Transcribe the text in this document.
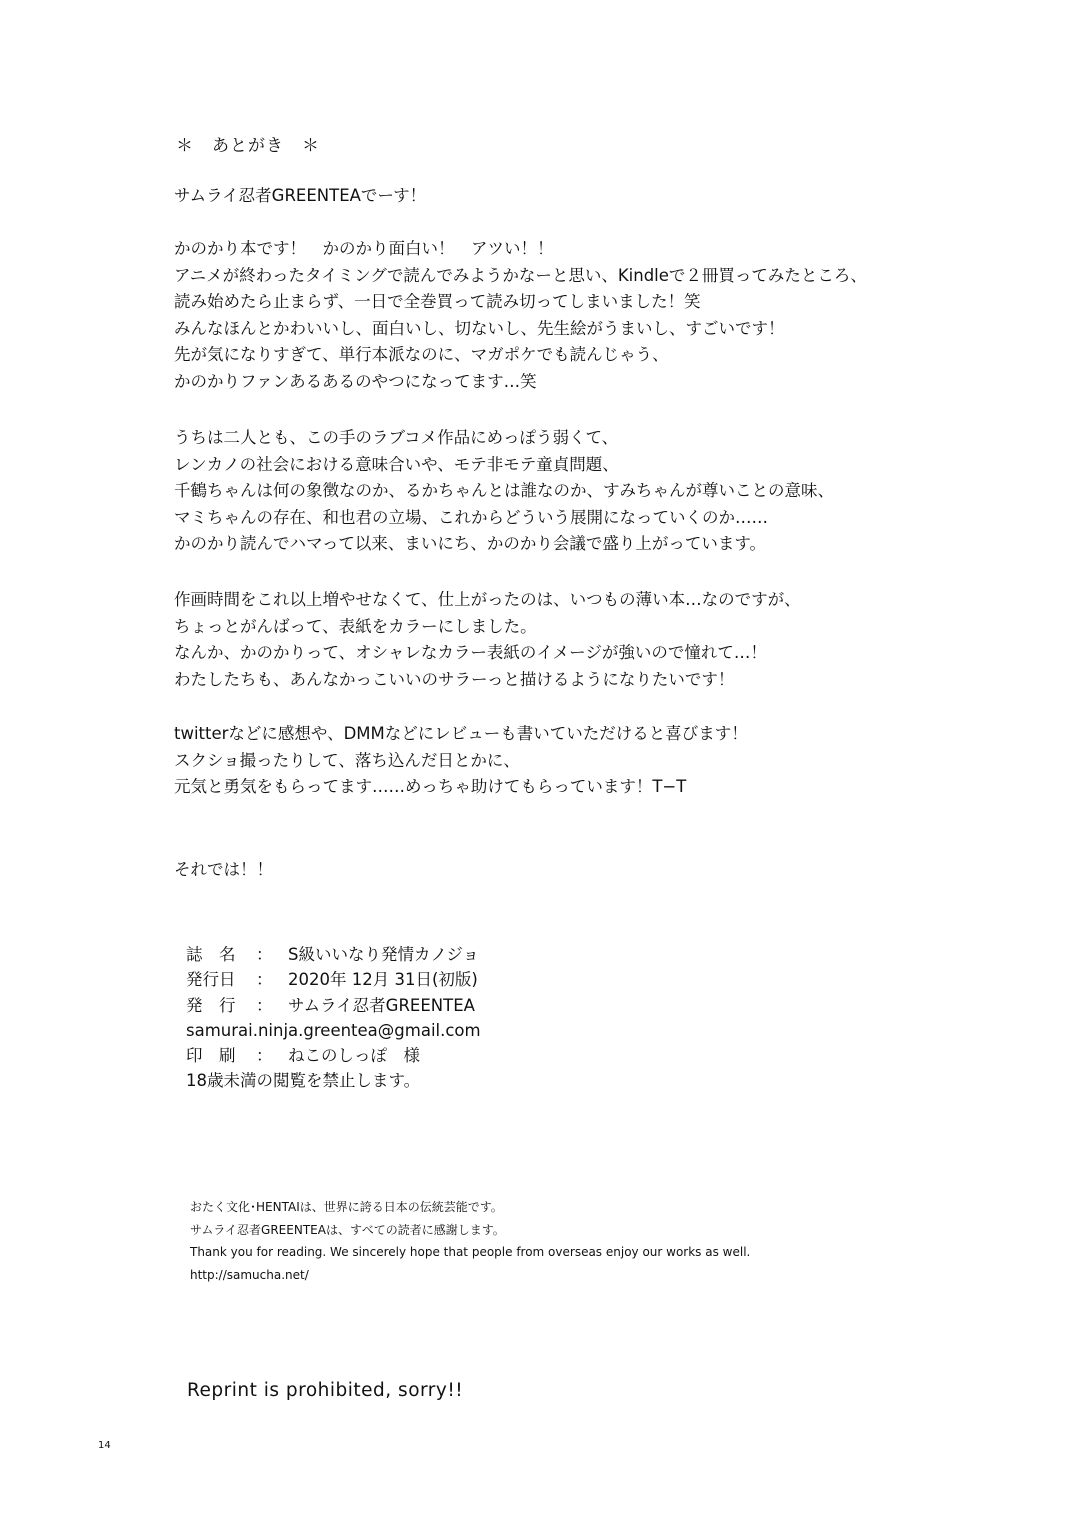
＊　あとがき　＊
サムライ忍者GREENTEAでーす！
かのかり本です！　かのかり面白い！　アツい！！
アニメが終わったタイミングで読んでみようかなーと思い、Kindleで２冊買ってみたところ、
読み始めたら止まらず、一日で全巻買って読み切ってしまいました！笑
みんなほんとかわいいし、面白いし、切ないし、先生絵がうまいし、すごいです！
先が気になりすぎて、単行本派なのに、マガポケでも読んじゃう、
かのかりファンあるあるのやつになってます…笑
うちは二人とも、この手のラブコメ作品にめっぽう弱くて、
レンカノの社会における意味合いや、モテ非モテ童貞問題、
千鶴ちゃんは何の象徴なのか、るかちゃんとは誰なのか、すみちゃんが尊いことの意味、
マミちゃんの存在、和也君の立場、これからどういう展開になっていくのか……
かのかり読んでハマって以来、まいにち、かのかり会議で盛り上がっています。
作画時間をこれ以上増やせなくて、仕上がったのは、いつもの薄い本…なのですが、
ちょっとがんばって、表紙をカラーにしました。
なんか、かのかりって、オシャレなカラー表紙のイメージが強いので憧れて…！
わたしたちも、あんなかっこいいのサラーっと描けるようになりたいです！
twitterなどに感想や、DMMなどにレビューも書いていただけると喜びます！
スクショ撮ったりして、落ち込んだ日とかに、
元気と勇気をもらってます……めっちゃ助けてもらっています！T−T
それでは！！
誌　名	： S級いいなり発情カノジョ
発行日	： 2020年 12月 31日(初版)
発　行	： サムライ忍者GREENTEA
samurai.ninja.greentea@gmail.com
印　刷	： ねこのしっぽ　様
18歳未満の閲覧を禁止します。
おたく文化･HENTAIは、世界に誇る日本の伝統芸能です。
サムライ忍者GREENTEAは、すべての読者に感謝します。
Thank you for reading. We sincerely hope that people from overseas enjoy our works as well.
http://samucha.net/
Reprint is prohibited, sorry!!
14
